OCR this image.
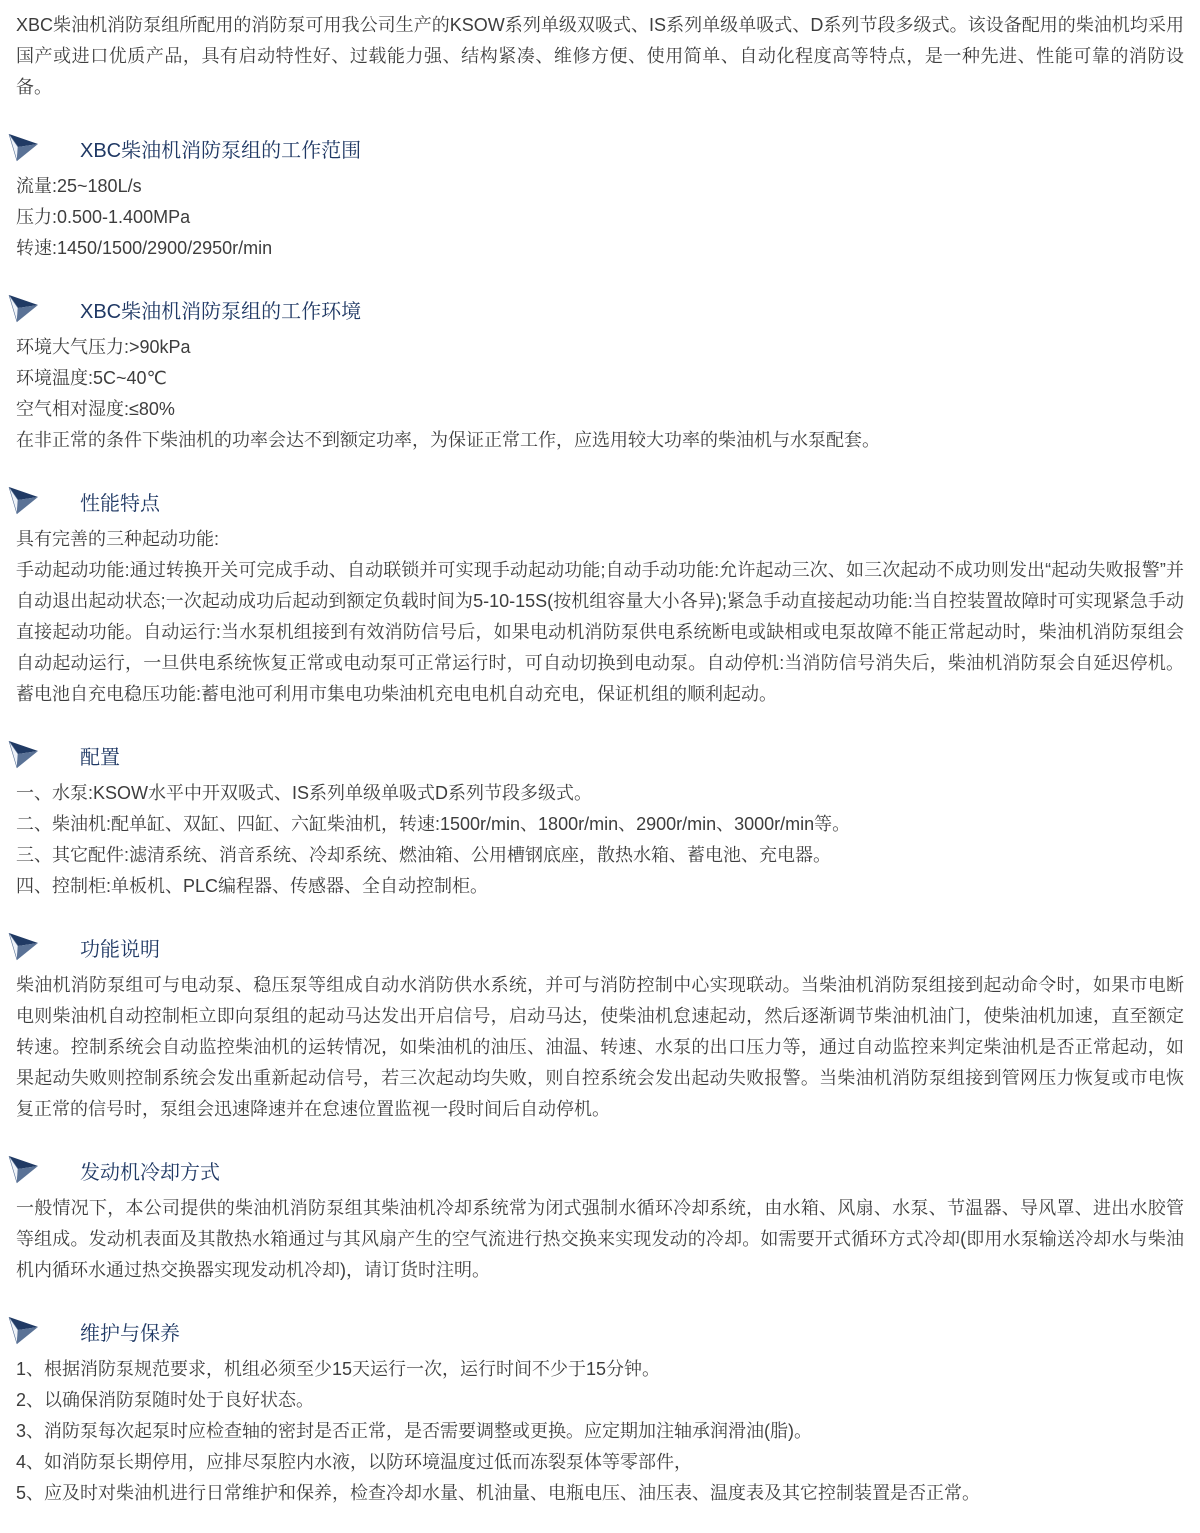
XBC柴油机消防泵组所配用的消防泵可用我公司生产的KSOW系列单级双吸式、IS系列单级单吸式、D系列节段多级式。该设备配用的柴油机均采用国产或进口优质产品，具有启动特性好、过载能力强、结构紧凑、维修方便、使用简单、自动化程度高等特点，是一种先进、性能可靠的消防设备。

XBC柴油机消防泵组的工作范围

流量:25~180L/s

压力:0.500-1.400MPa

转速:1450/1500/2900/2950r/min

XBC柴油机消防泵组的工作环境

环境大气压力:>90kPa

环境温度:5C~40℃

空气相对湿度:≤80%

在非正常的条件下柴油机的功率会达不到额定功率，为保证正常工作，应选用较大功率的柴油机与水泵配套。

性能特点

具有完善的三种起动功能:

手动起动功能:通过转换开关可完成手动、自动联锁并可实现手动起动功能;自动手动功能:允许起动三次、如三次起动不成功则发出“起动失败报警”并自动退出起动状态;一次起动成功后起动到额定负载时间为5-10-15S(按机组容量大小各异);紧急手动直接起动功能:当自控装置故障时可实现紧急手动直接起动功能。自动运行:当水泵机组接到有效消防信号后，如果电动机消防泵供电系统断电或缺相或电泵故障不能正常起动时，柴油机消防泵组会自动起动运行，一旦供电系统恢复正常或电动泵可正常运行时，可自动切换到电动泵。自动停机:当消防信号消失后，柴油机消防泵会自延迟停机。蓄电池自充电稳压功能:蓄电池可利用市集电功柴油机充电电机自动充电，保证机组的顺利起动。

配置

一、水泵:KSOW水平中开双吸式、IS系列单级单吸式D系列节段多级式。

二、柴油机:配单缸、双缸、四缸、六缸柴油机，转速:1500r/min、1800r/min、2900r/min、3000r/min等。

三、其它配件:滤清系统、消音系统、冷却系统、燃油箱、公用槽钢底座，散热水箱、蓄电池、充电器。

四、控制柜:单板机、PLC编程器、传感器、全自动控制柜。

功能说明

柴油机消防泵组可与电动泵、稳压泵等组成自动水消防供水系统，并可与消防控制中心实现联动。当柴油机消防泵组接到起动命令时，如果市电断电则柴油机自动控制柜立即向泵组的起动马达发出开启信号，启动马达，使柴油机怠速起动，然后逐渐调节柴油机油门，使柴油机加速，直至额定转速。控制系统会自动监控柴油机的运转情况，如柴油机的油压、油温、转速、水泵的出口压力等，通过自动监控来判定柴油机是否正常起动，如果起动失败则控制系统会发出重新起动信号，若三次起动均失败，则自控系统会发出起动失败报警。当柴油机消防泵组接到管网压力恢复或市电恢复正常的信号时，泵组会迅速降速并在怠速位置监视一段时间后自动停机。

发动机冷却方式

一般情况下，本公司提供的柴油机消防泵组其柴油机冷却系统常为闭式强制水循环冷却系统，由水箱、风扇、水泵、节温器、导风罩、进出水胶管等组成。发动机表面及其散热水箱通过与其风扇产生的空气流进行热交换来实现发动的冷却。如需要开式循环方式冷却(即用水泵输送冷却水与柴油机内循环水通过热交换器实现发动机冷却)，请订货时注明。

维护与保养

1、根据消防泵规范要求，机组必须至少15天运行一次，运行时间不少于15分钟。

2、以确保消防泵随时处于良好状态。

3、消防泵每次起泵时应检查轴的密封是否正常，是否需要调整或更换。应定期加注轴承润滑油(脂)。

4、如消防泵长期停用，应排尽泵腔内水液，以防环境温度过低而冻裂泵体等零部件，

5、应及时对柴油机进行日常维护和保养，检查冷却水量、机油量、电瓶电压、油压表、温度表及其它控制装置是否正常。
